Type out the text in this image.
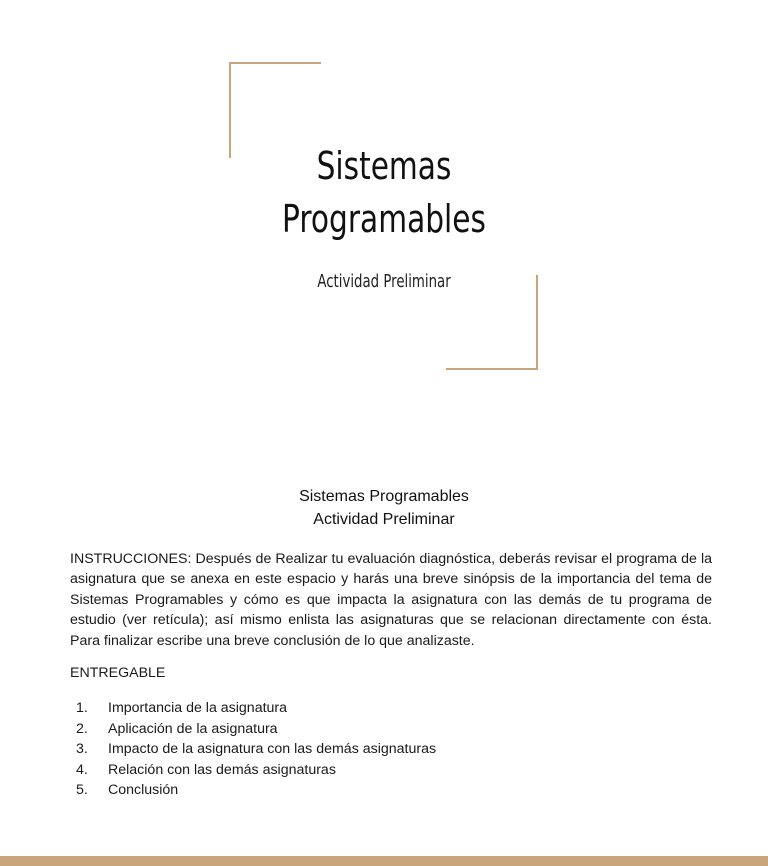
Sistemas
Programables

Actividad Preliminar

Sistemas Programables
Actividad Preliminar

INSTRUCCIONES: Después de Realizar tu evaluación diagnóstica, deberás revisar el programa de la asignatura que se anexa en este espacio y harás una breve sinópsis de la importancia del tema de Sistemas Programables y cómo es que impacta la asignatura con las demás de tu programa de estudio (ver retícula); así mismo enlista las asignaturas que se relacionan directamente con ésta. Para finalizar escribe una breve conclusión de lo que analizaste.

ENTREGABLE

1.	Importancia de la asignatura
2.	Aplicación de la asignatura
3.	Impacto de la asignatura con las demás asignaturas
4.	Relación con las demás asignaturas
5.	Conclusión
